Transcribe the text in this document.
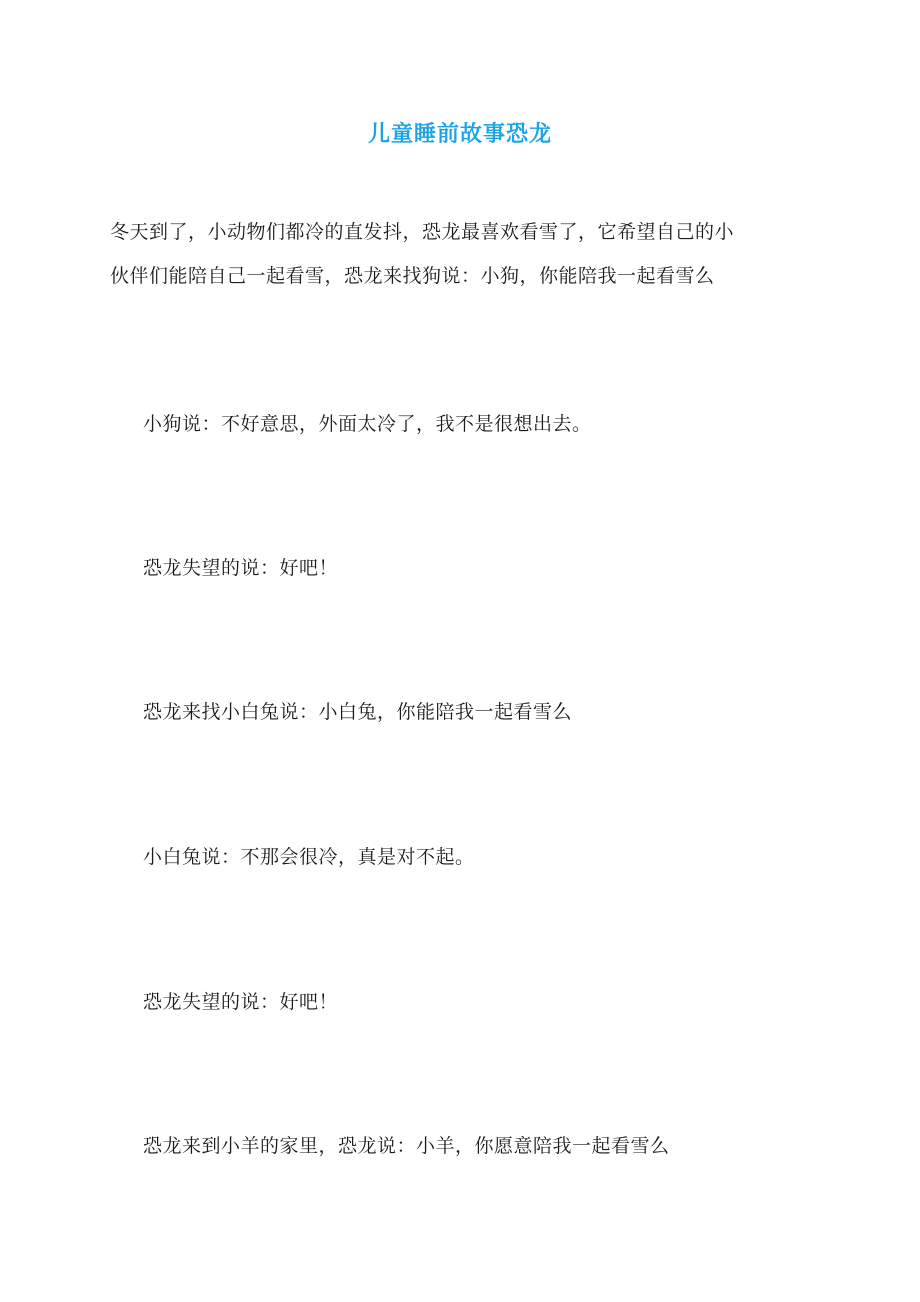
儿童睡前故事恐龙
冬天到了，小动物们都冷的直发抖，恐龙最喜欢看雪了，它希望自己的小
伙伴们能陪自己一起看雪，恐龙来找狗说：小狗，你能陪我一起看雪么
小狗说：不好意思，外面太冷了，我不是很想出去。
恐龙失望的说：好吧！
恐龙来找小白兔说：小白兔，你能陪我一起看雪么
小白兔说：不那会很冷，真是对不起。
恐龙失望的说：好吧！
恐龙来到小羊的家里，恐龙说：小羊，你愿意陪我一起看雪么
